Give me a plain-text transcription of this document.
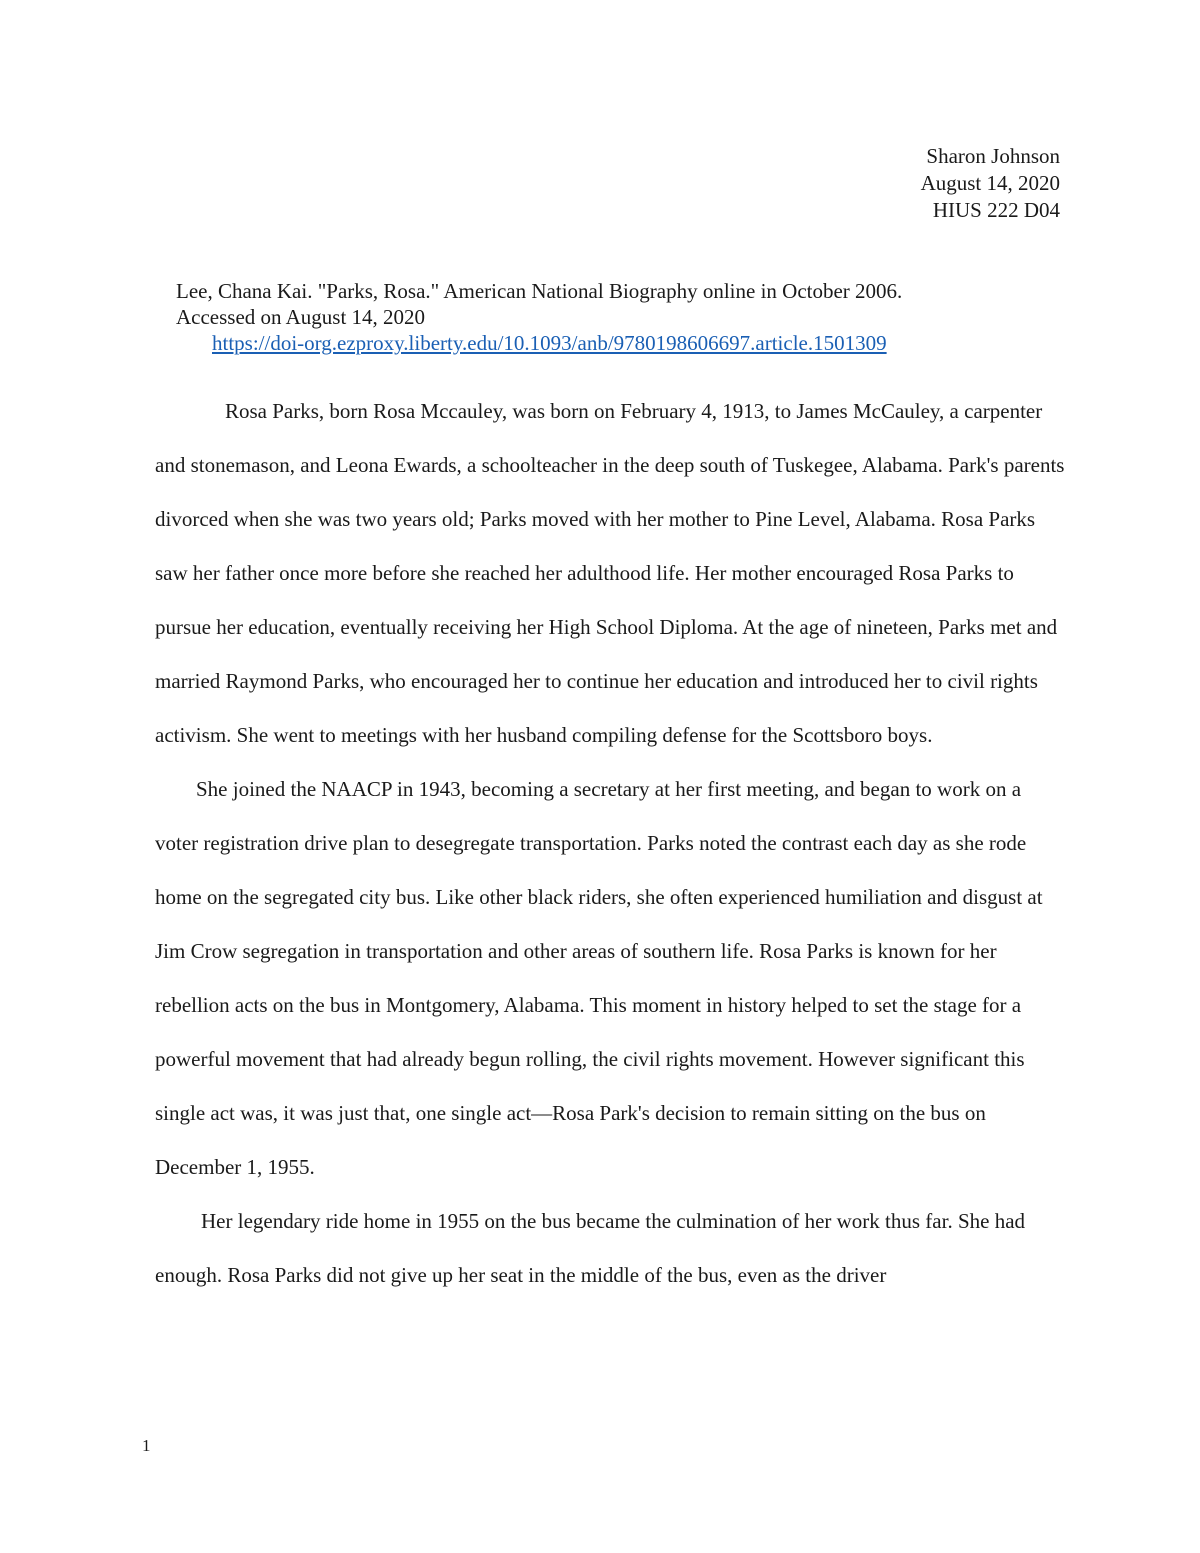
Sharon Johnson
August 14, 2020
HIUS 222 D04
Lee, Chana Kai. "Parks, Rosa." American National Biography online in October 2006.
Accessed on August 14, 2020
https://doi-org.ezproxy.liberty.edu/10.1093/anb/9780198606697.article.1501309

Rosa Parks, born Rosa Mccauley, was born on February 4, 1913, to James McCauley, a carpenter and stonemason, and Leona Ewards, a schoolteacher in the deep south of Tuskegee, Alabama. Park's parents divorced when she was two years old; Parks moved with her mother to Pine Level, Alabama. Rosa Parks saw her father once more before she reached her adulthood life. Her mother encouraged Rosa Parks to pursue her education, eventually receiving her High School Diploma. At the age of nineteen, Parks met and married Raymond Parks, who encouraged her to continue her education and introduced her to civil rights activism. She went to meetings with her husband compiling defense for the Scottsboro boys.

She joined the NAACP in 1943, becoming a secretary at her first meeting, and began to work on a voter registration drive plan to desegregate transportation. Parks noted the contrast each day as she rode home on the segregated city bus. Like other black riders, she often experienced humiliation and disgust at Jim Crow segregation in transportation and other areas of southern life. Rosa Parks is known for her rebellion acts on the bus in Montgomery, Alabama. This moment in history helped to set the stage for a powerful movement that had already begun rolling, the civil rights movement. However significant this single act was, it was just that, one single act—Rosa Park's decision to remain sitting on the bus on December 1, 1955.

Her legendary ride home in 1955 on the bus became the culmination of her work thus far. She had enough. Rosa Parks did not give up her seat in the middle of the bus, even as the driver

1
